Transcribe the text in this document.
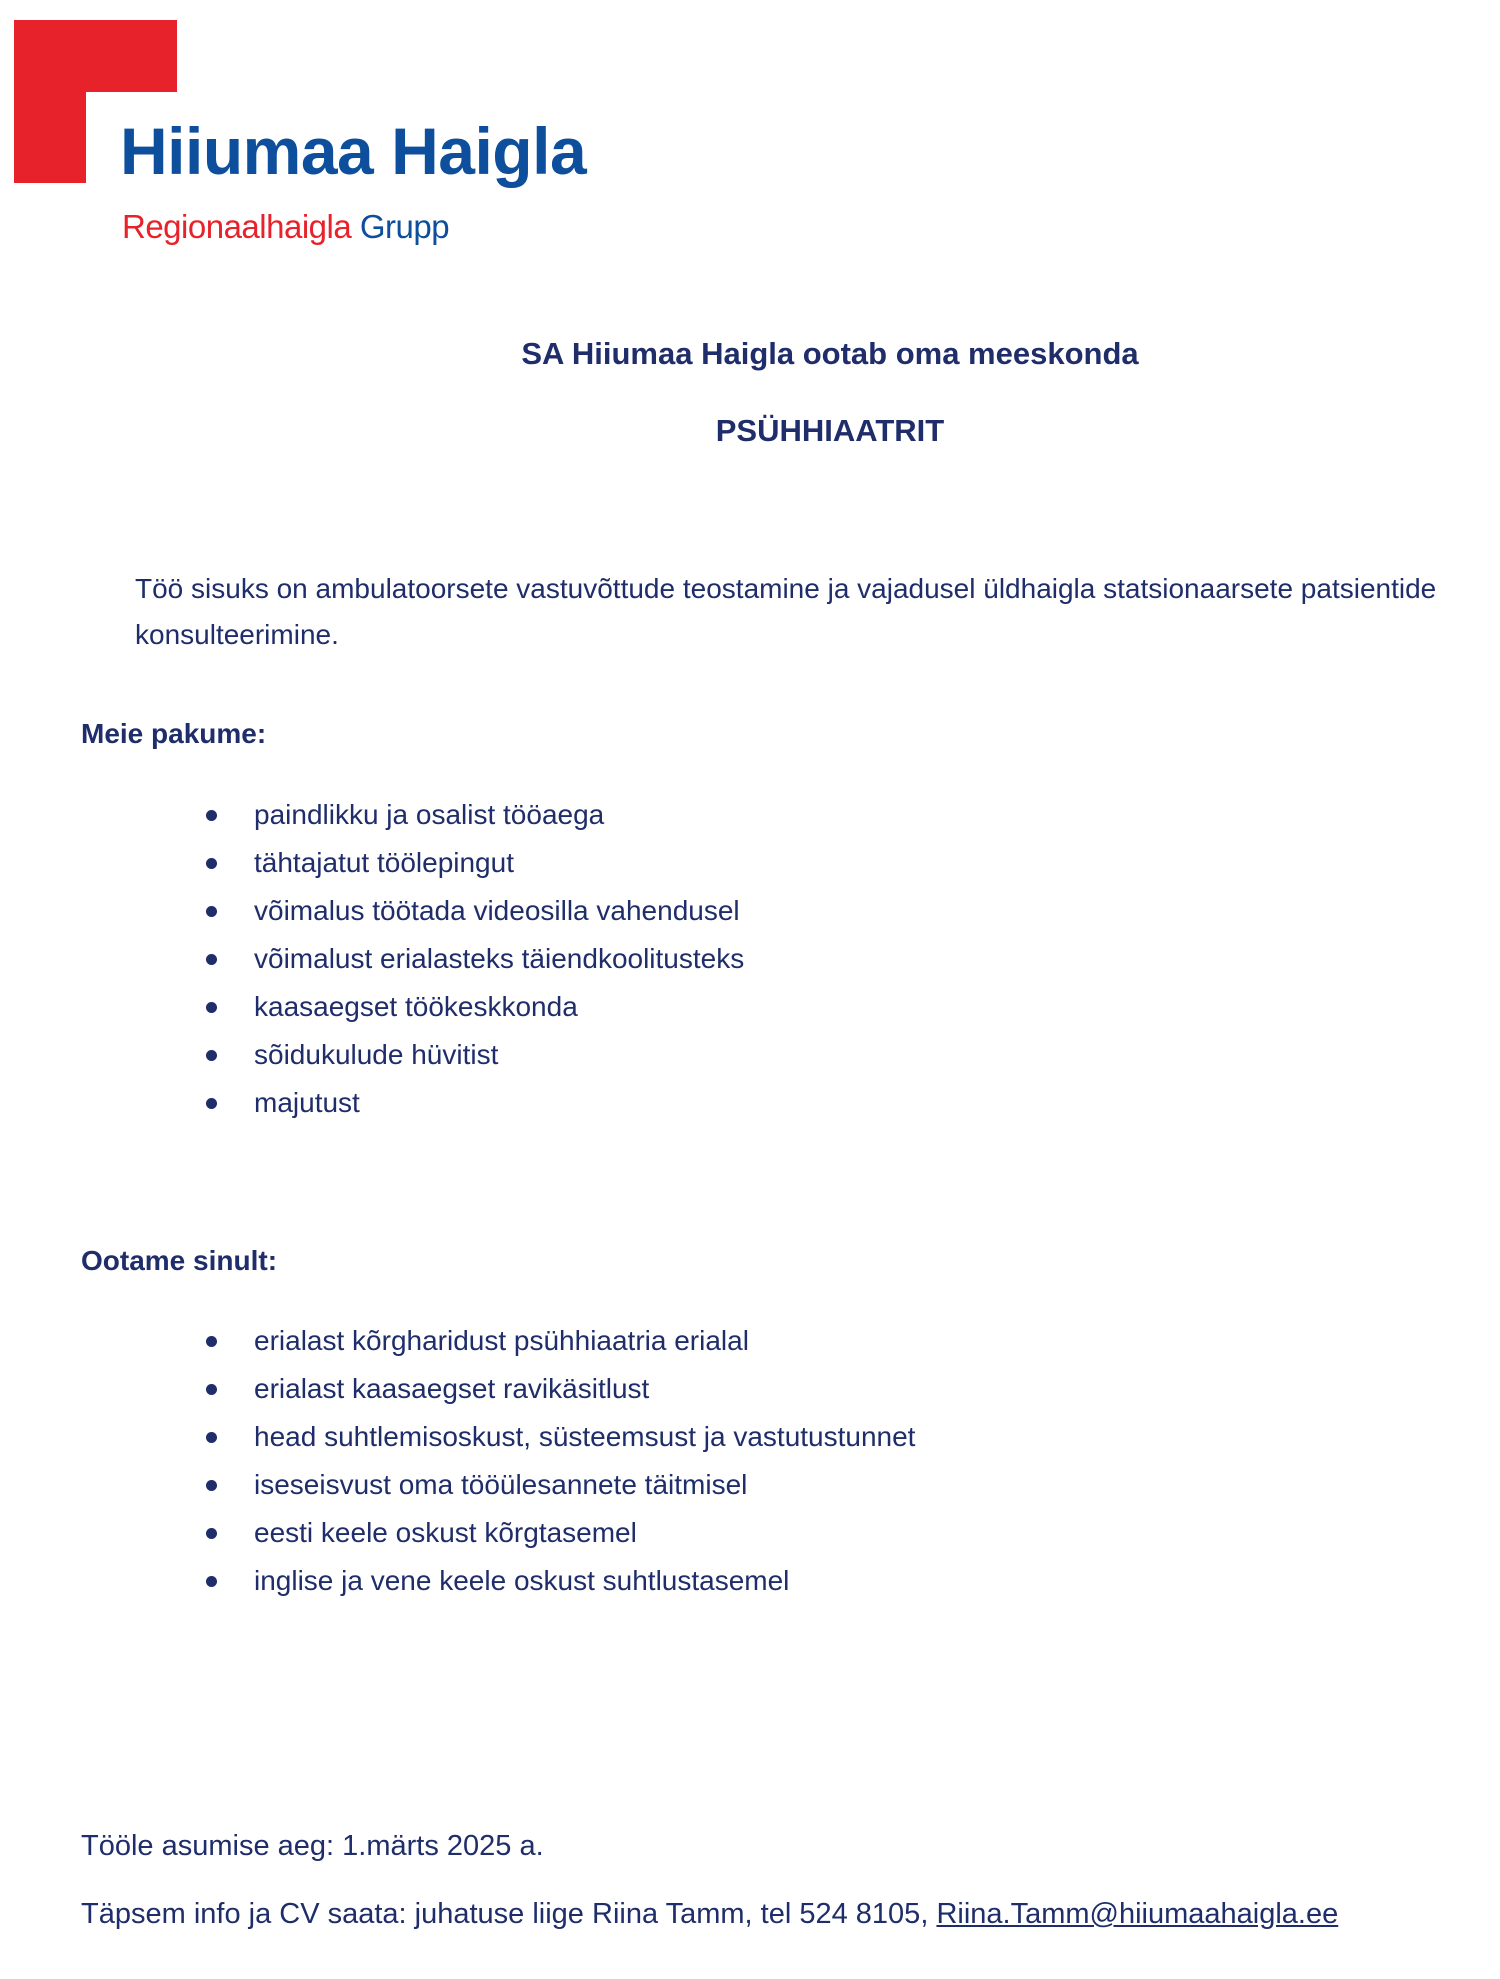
Hiiumaa Haigla
Regionaalhaigla Grupp
SA Hiiumaa Haigla ootab oma meeskonda
PSÜHHIAATRIT
Töö sisuks on ambulatoorsete vastuvõttude teostamine ja vajadusel üldhaigla statsionaarsete patsientide konsulteerimine.
Meie pakume:
paindlikku ja osalist tööaega
tähtajatut töölepingut
võimalus töötada videosilla vahendusel
võimalust erialasteks täiendkoolitusteks
kaasaegset töökeskkonda
sõidukulude hüvitist
majutust
Ootame sinult:
erialast kõrgharidust psühhiaatria erialal
erialast kaasaegset ravikäsitlust
head suhtlemisoskust, süsteemsust ja vastutustunnet
iseseisvust oma tööülesannete täitmisel
eesti keele oskust kõrgtasemel
inglise ja vene keele oskust suhtlustasemel
Tööle asumise aeg: 1.märts 2025 a.
Täpsem info ja CV saata: juhatuse liige Riina Tamm, tel 524 8105, Riina.Tamm@hiiumaahaigla.ee
